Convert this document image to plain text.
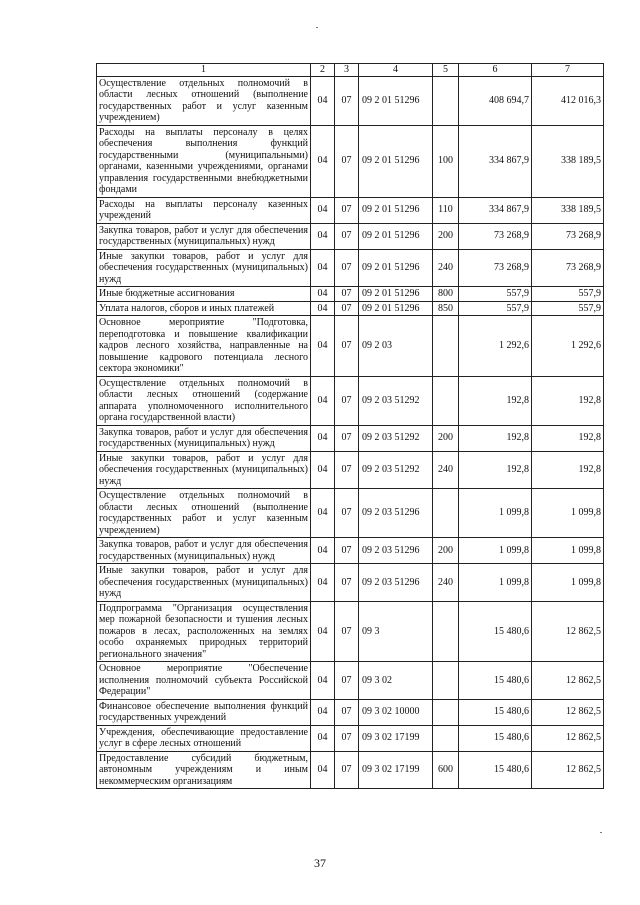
1	2	3	4	5	6	7
Осуществление отдельных полномочий в области лесных отношений (выполнение государственных работ и услуг казенным учреждением)	04	07	09 2 01 51296		408 694,7	412 016,3
Расходы на выплаты персоналу в целях обеспечения выполнения функций государственными (муниципальными) органами, казенными учреждениями, органами управления государственными внебюджетными фондами	04	07	09 2 01 51296	100	334 867,9	338 189,5
Расходы на выплаты персоналу казенных учреждений	04	07	09 2 01 51296	110	334 867,9	338 189,5
Закупка товаров, работ и услуг для обеспечения государственных (муниципальных) нужд	04	07	09 2 01 51296	200	73 268,9	73 268,9
Иные закупки товаров, работ и услуг для обеспечения государственных (муниципальных) нужд	04	07	09 2 01 51296	240	73 268,9	73 268,9
Иные бюджетные ассигнования	04	07	09 2 01 51296	800	557,9	557,9
Уплата налогов, сборов и иных платежей	04	07	09 2 01 51296	850	557,9	557,9
Основное мероприятие "Подготовка, переподготовка и повышение квалификации кадров лесного хозяйства, направленные на повышение кадрового потенциала лесного сектора экономики"	04	07	09 2 03		1 292,6	1 292,6
Осуществление отдельных полномочий в области лесных отношений (содержание аппарата уполномоченного исполнительного органа государственной власти)	04	07	09 2 03 51292		192,8	192,8
Закупка товаров, работ и услуг для обеспечения государственных (муниципальных) нужд	04	07	09 2 03 51292	200	192,8	192,8
Иные закупки товаров, работ и услуг для обеспечения государственных (муниципальных) нужд	04	07	09 2 03 51292	240	192,8	192,8
Осуществление отдельных полномочий в области лесных отношений (выполнение государственных работ и услуг казенным учреждением)	04	07	09 2 03 51296		1 099,8	1 099,8
Закупка товаров, работ и услуг для обеспечения государственных (муниципальных) нужд	04	07	09 2 03 51296	200	1 099,8	1 099,8
Иные закупки товаров, работ и услуг для обеспечения государственных (муниципальных) нужд	04	07	09 2 03 51296	240	1 099,8	1 099,8
Подпрограмма "Организация осуществления мер пожарной безопасности и тушения лесных пожаров в лесах, расположенных на землях особо охраняемых природных территорий регионального значения"	04	07	09 3		15 480,6	12 862,5
Основное мероприятие "Обеспечение исполнения полномочий субъекта Российской Федерации"	04	07	09 3 02		15 480,6	12 862,5
Финансовое обеспечение выполнения функций государственных учреждений	04	07	09 3 02 10000		15 480,6	12 862,5
Учреждения, обеспечивающие предоставление услуг в сфере лесных отношений	04	07	09 3 02 17199		15 480,6	12 862,5
Предоставление субсидий бюджетным, автономным учреждениям и иным некоммерческим организациям	04	07	09 3 02 17199	600	15 480,6	12 862,5
37
